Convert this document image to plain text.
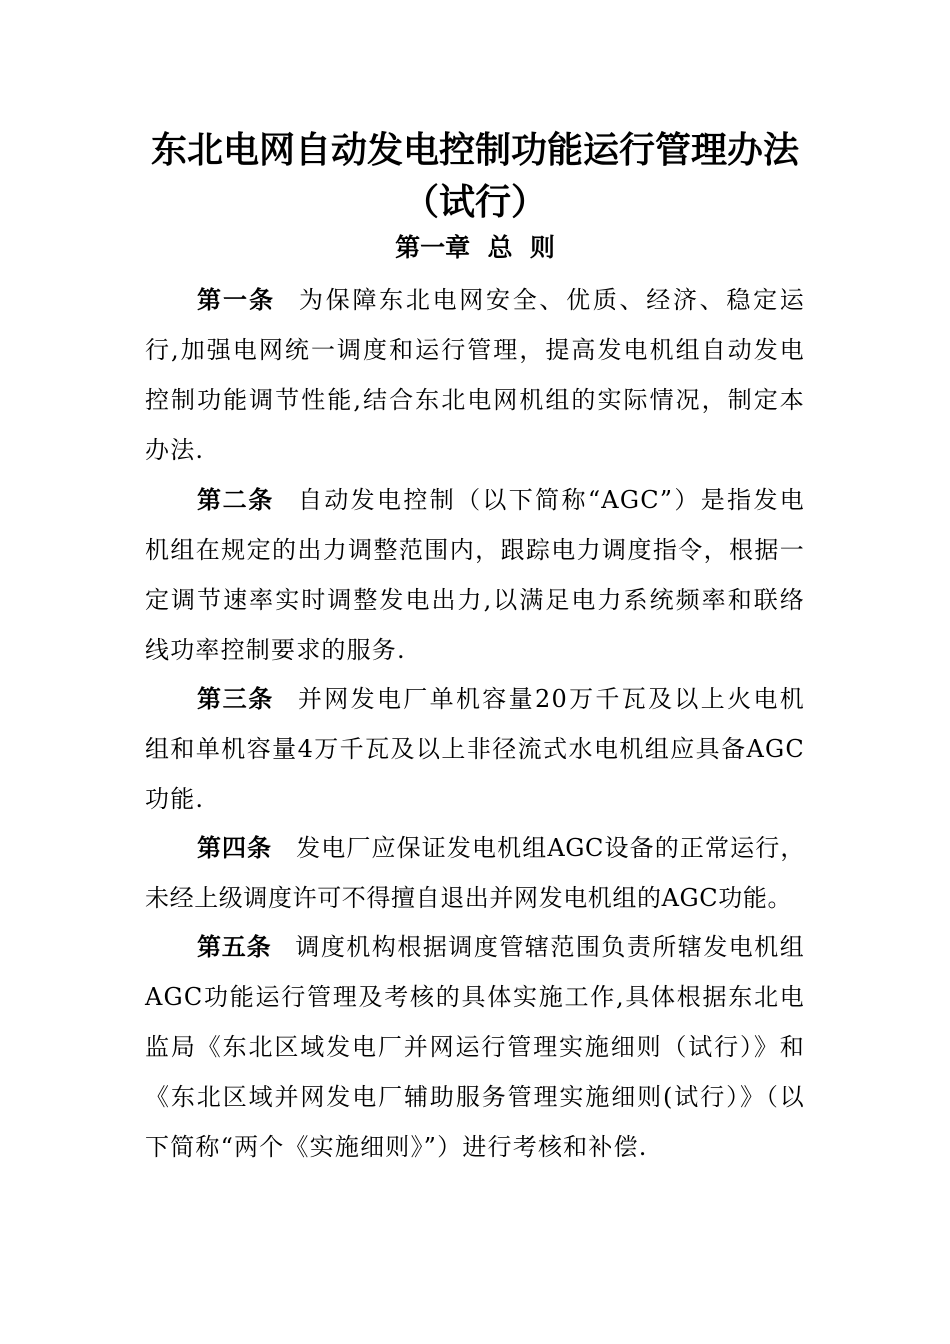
东北电网自动发电控制功能运行管理办法
（试行）
第一章  总  则

第一条 为保障东北电网安全、优质、经济、稳定运行,加强电网统一调度和运行管理，提高发电机组自动发电控制功能调节性能,结合东北电网机组的实际情况，制定本办法.

第二条 自动发电控制（以下简称“AGC”）是指发电机组在规定的出力调整范围内，跟踪电力调度指令，根据一定调节速率实时调整发电出力,以满足电力系统频率和联络线功率控制要求的服务.

第三条 并网发电厂单机容量20万千瓦及以上火电机组和单机容量4万千瓦及以上非径流式水电机组应具备AGC功能.

第四条 发电厂应保证发电机组AGC设备的正常运行，未经上级调度许可不得擅自退出并网发电机组的AGC功能。

第五条 调度机构根据调度管辖范围负责所辖发电机组AGC功能运行管理及考核的具体实施工作,具体根据东北电监局《东北区域发电厂并网运行管理实施细则（试行）》和《东北区域并网发电厂辅助服务管理实施细则(试行）》（以下简称“两个《实施细则》”）进行考核和补偿.
